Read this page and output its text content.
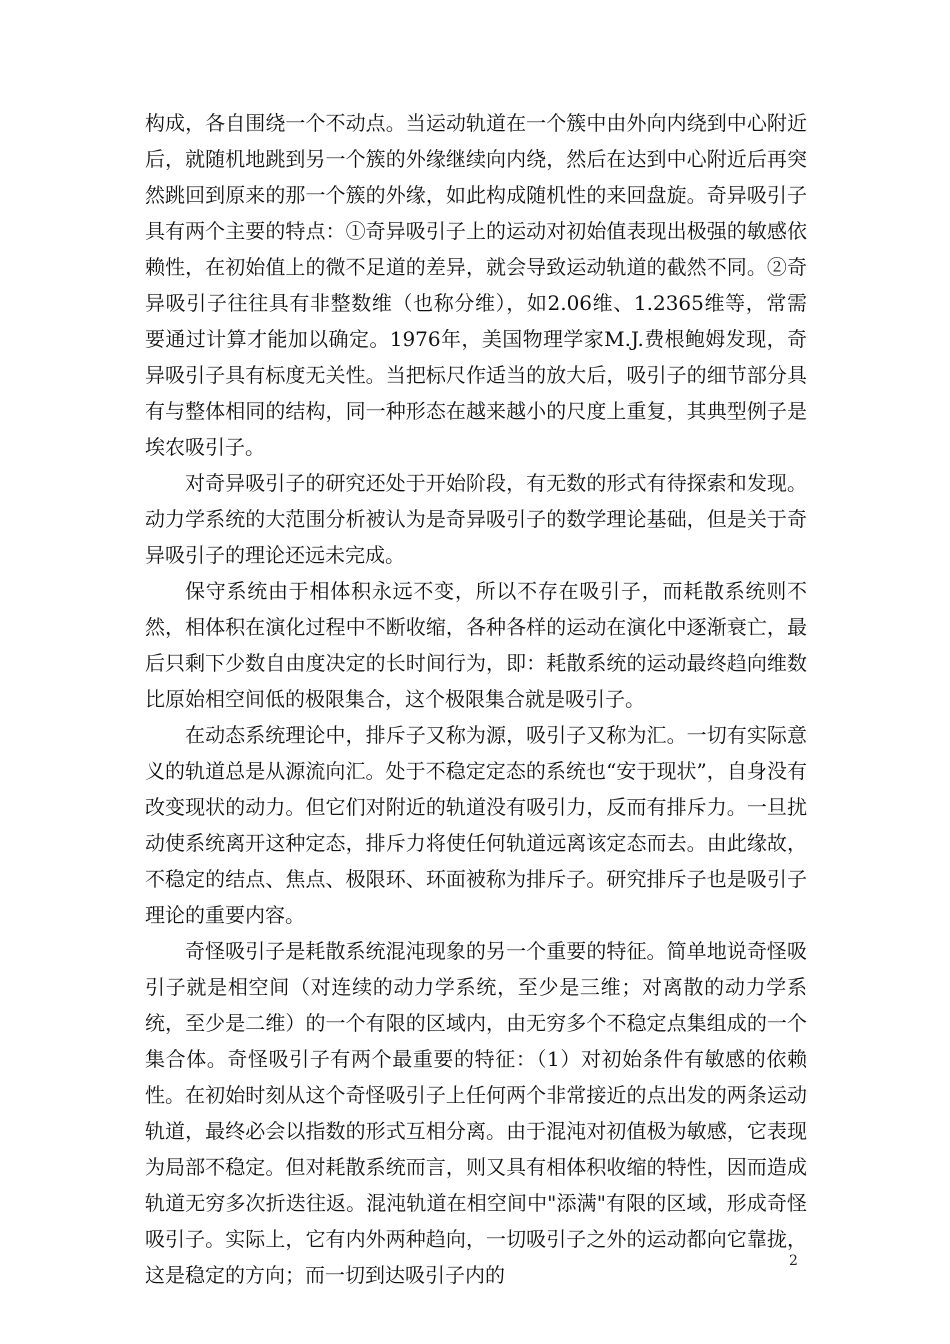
构成，各自围绕一个不动点。当运动轨道在一个簇中由外向内绕到中心附近后，就随机地跳到另一个簇的外缘继续向内绕，然后在达到中心附近后再突然跳回到原来的那一个簇的外缘，如此构成随机性的来回盘旋。奇异吸引子具有两个主要的特点：①奇异吸引子上的运动对初始值表现出极强的敏感依赖性，在初始值上的微不足道的差异，就会导致运动轨道的截然不同。②奇异吸引子往往具有非整数维（也称分维），如2.06维、1.2365维等，常需要通过计算才能加以确定。1976年，美国物理学家M.J.费根鲍姆发现，奇异吸引子具有标度无关性。当把标尺作适当的放大后，吸引子的细节部分具有与整体相同的结构，同一种形态在越来越小的尺度上重复，其典型例子是埃农吸引子。

对奇异吸引子的研究还处于开始阶段，有无数的形式有待探索和发现。动力学系统的大范围分析被认为是奇异吸引子的数学理论基础，但是关于奇异吸引子的理论还远未完成。

保守系统由于相体积永远不变，所以不存在吸引子，而耗散系统则不然，相体积在演化过程中不断收缩，各种各样的运动在演化中逐渐衰亡，最后只剩下少数自由度决定的长时间行为，即：耗散系统的运动最终趋向维数比原始相空间低的极限集合，这个极限集合就是吸引子。

在动态系统理论中，排斥子又称为源，吸引子又称为汇。一切有实际意义的轨道总是从源流向汇。处于不稳定定态的系统也“安于现状”，自身没有改变现状的动力。但它们对附近的轨道没有吸引力，反而有排斥力。一旦扰动使系统离开这种定态，排斥力将使任何轨道远离该定态而去。由此缘故，不稳定的结点、焦点、极限环、环面被称为排斥子。研究排斥子也是吸引子理论的重要内容。

奇怪吸引子是耗散系统混沌现象的另一个重要的特征。简单地说奇怪吸引子就是相空间（对连续的动力学系统，至少是三维；对离散的动力学系统，至少是二维）的一个有限的区域内，由无穷多个不稳定点集组成的一个集合体。奇怪吸引子有两个最重要的特征：（1）对初始条件有敏感的依赖性。在初始时刻从这个奇怪吸引子上任何两个非常接近的点出发的两条运动轨道，最终必会以指数的形式互相分离。由于混沌对初值极为敏感，它表现为局部不稳定。但对耗散系统而言，则又具有相体积收缩的特性，因而造成轨道无穷多次折迭往返。混沌轨道在相空间中"添满"有限的区域，形成奇怪吸引子。实际上，它有内外两种趋向，一切吸引子之外的运动都向它靠拢，这是稳定的方向；而一切到达吸引子内的

2
